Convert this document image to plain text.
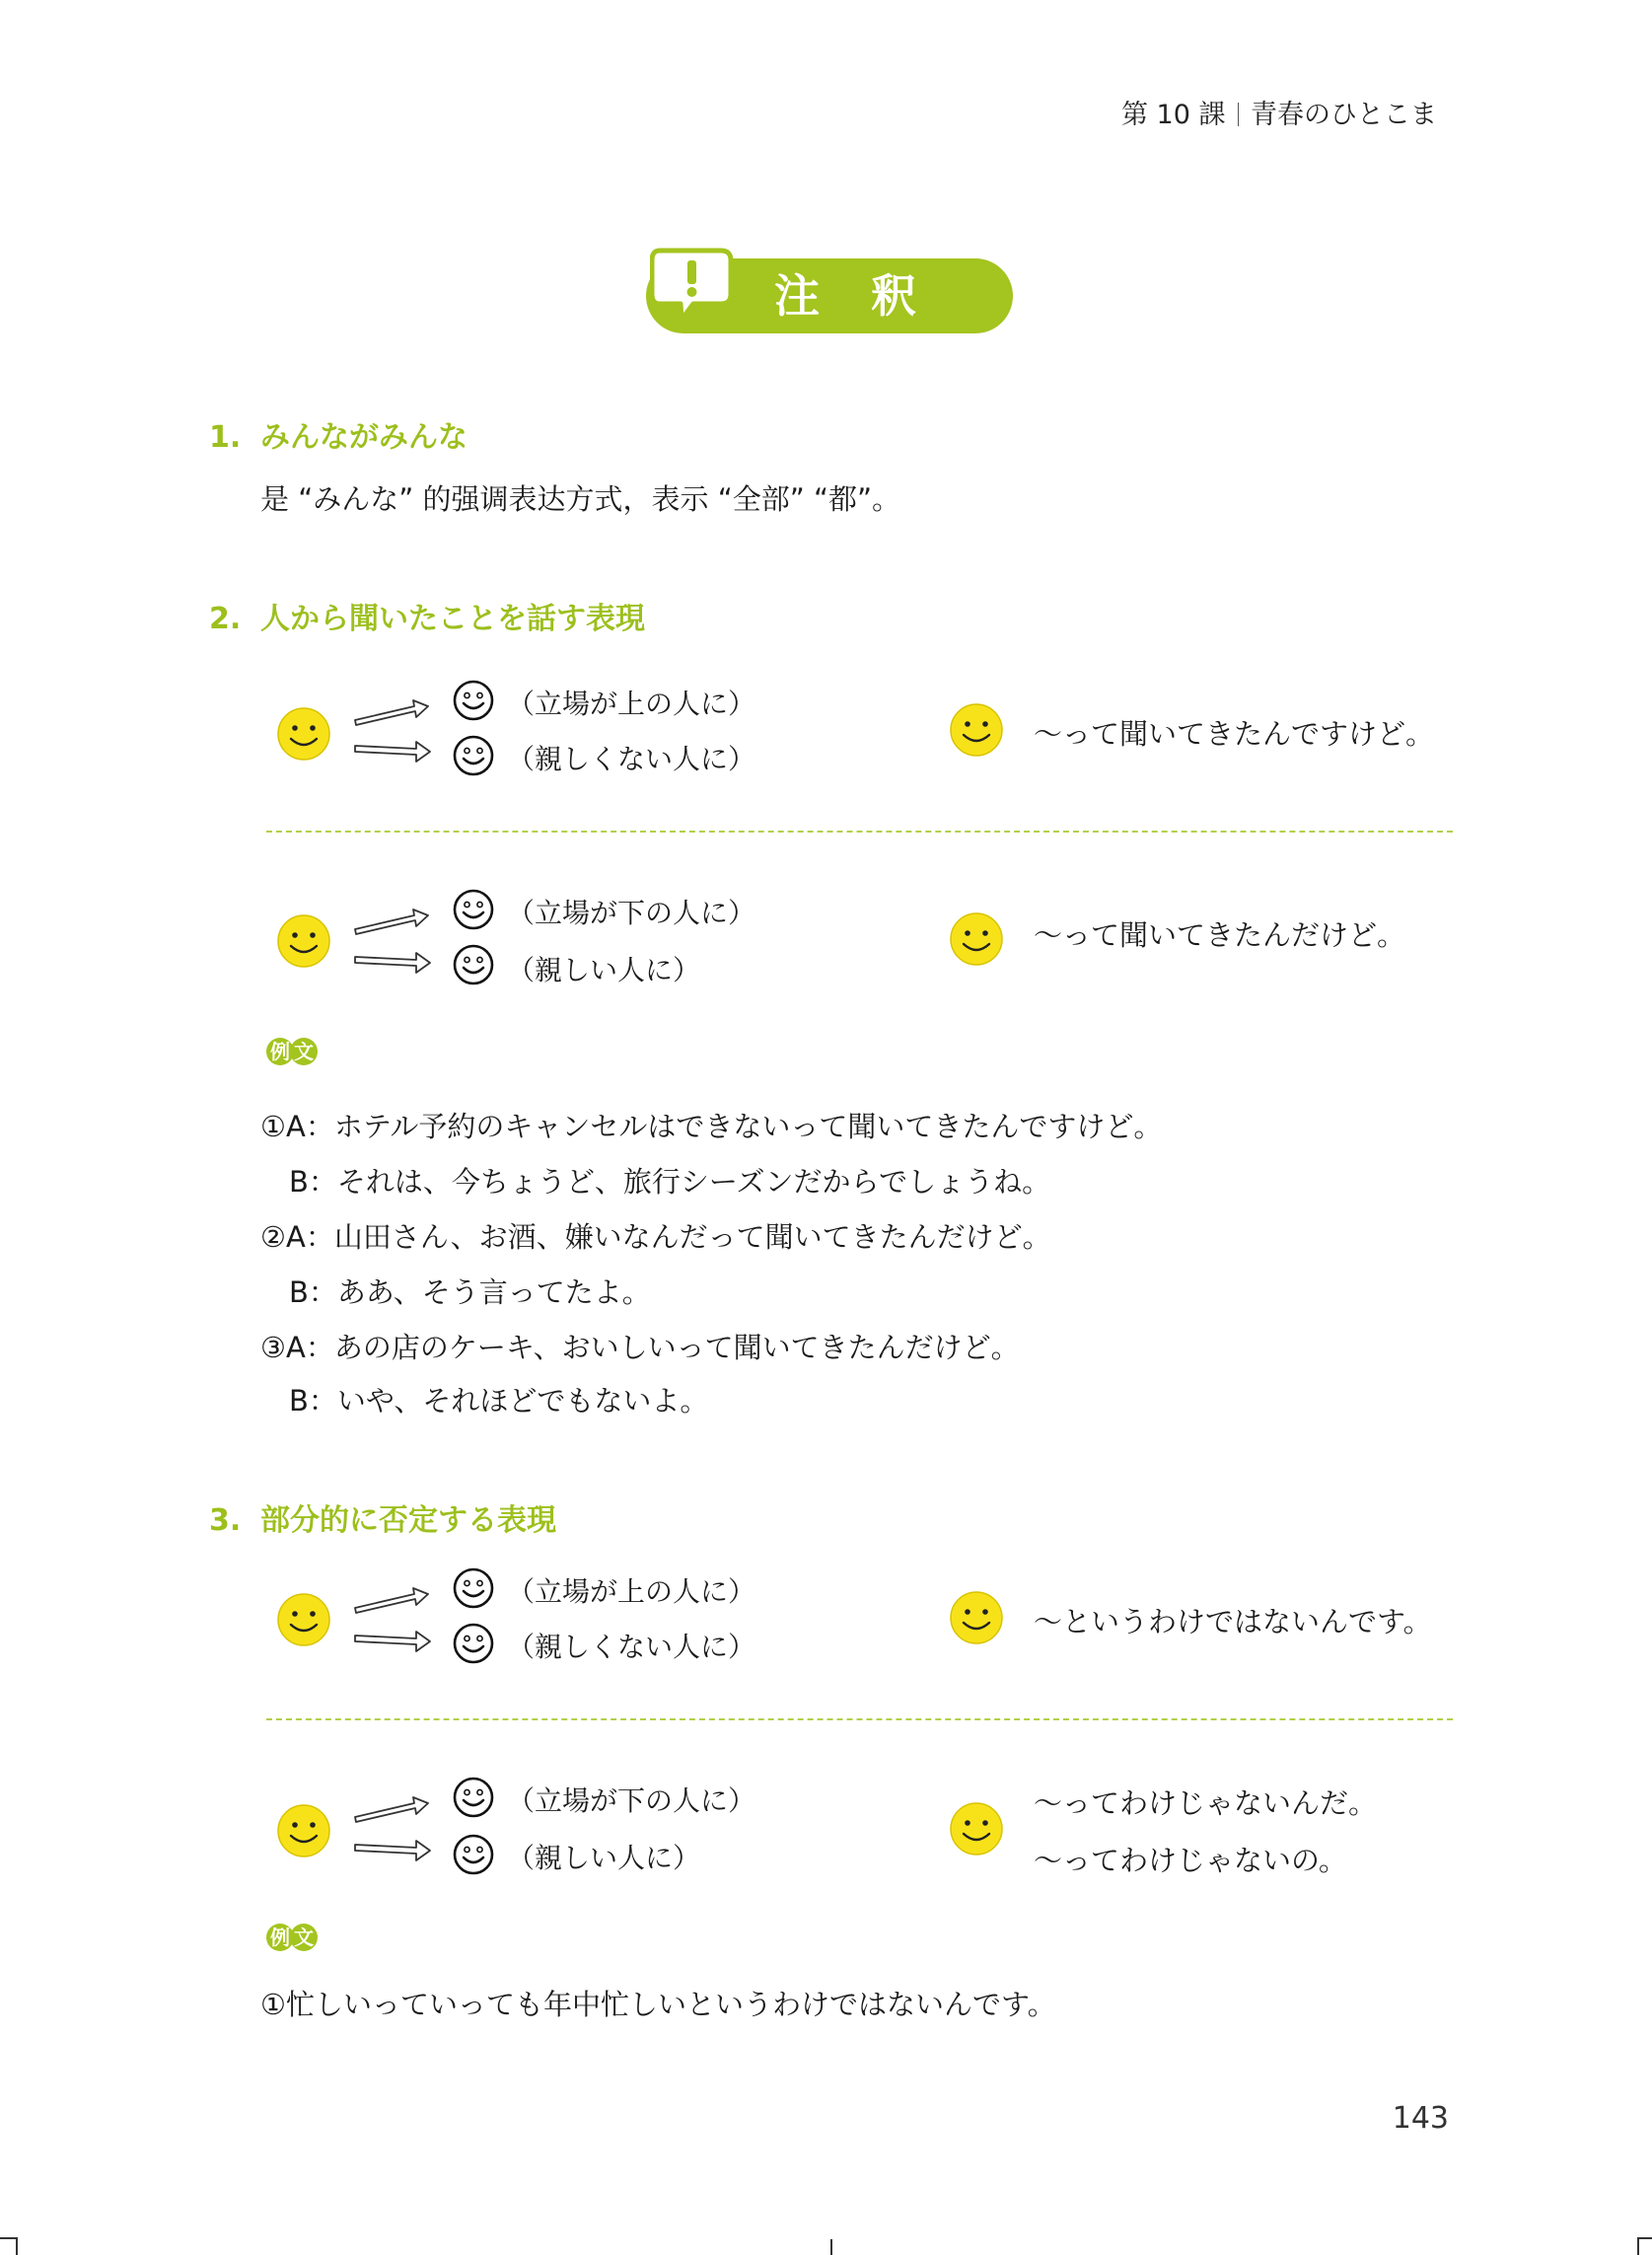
第 10 課 青春のひとこま
注 釈
1. みんながみんな
是 “みんな” 的强调表达方式，表示 “全部” “都”。
2. 人から聞いたことを話す表現
（立場が上の人に）
（親しくない人に）
～って聞いてきたんですけど。
（立場が下の人に）
（親しい人に）
～って聞いてきたんだけど。
例 文
①A：ホテル予約のキャンセルはできないって聞いてきたんですけど。
　B：それは、今ちょうど、旅行シーズンだからでしょうね。
②A：山田さん、お酒、嫌いなんだって聞いてきたんだけど。
　B：ああ、そう言ってたよ。
③A：あの店のケーキ、おいしいって聞いてきたんだけど。
　B：いや、それほどでもないよ。
3. 部分的に否定する表現
（立場が上の人に）
（親しくない人に）
～というわけではないんです。
（立場が下の人に）
（親しい人に）
～ってわけじゃないんだ。
～ってわけじゃないの。
例 文
①忙しいっていっても年中忙しいというわけではないんです。
143
